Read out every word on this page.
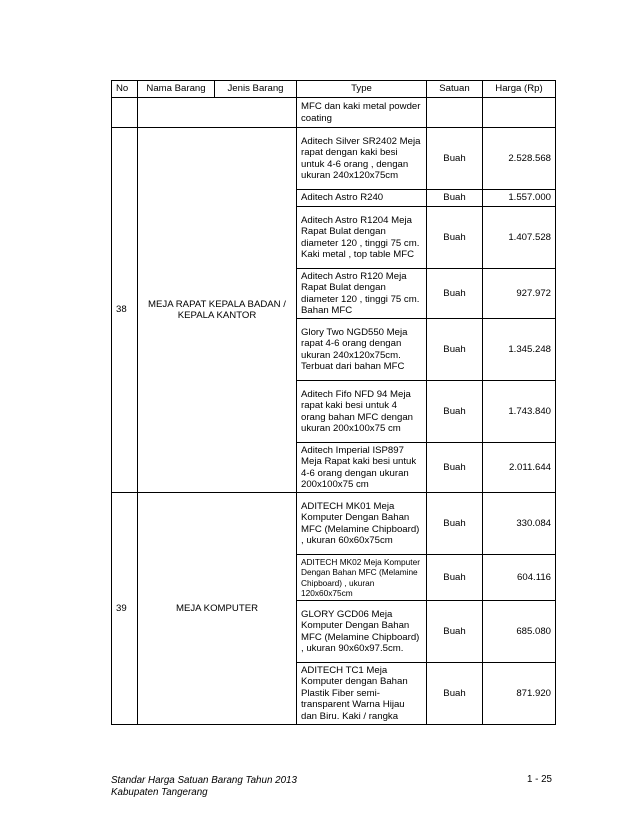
No	Nama Barang	Jenis Barang	Type	Satuan	Harga (Rp)
			MFC dan kaki metal powder coating		
38	MEJA RAPAT KEPALA BADAN / KEPALA KANTOR		Aditech Silver SR2402 Meja rapat dengan kaki besi untuk 4-6 orang , dengan ukuran 240x120x75cm	Buah	2.528.568
			Aditech Astro R240	Buah	1.557.000
			Aditech Astro R1204 Meja Rapat Bulat dengan diameter 120 , tinggi 75 cm. Kaki metal , top table MFC	Buah	1.407.528
			Aditech Astro R120 Meja Rapat Bulat dengan diameter 120 , tinggi 75 cm. Bahan MFC	Buah	927.972
			Glory Two NGD550 Meja rapat 4-6 orang dengan ukuran 240x120x75cm. Terbuat dari bahan MFC	Buah	1.345.248
			Aditech Fifo NFD 94 Meja rapat kaki besi untuk 4 orang bahan MFC dengan ukuran 200x100x75 cm	Buah	1.743.840
			Aditech Imperial ISP897 Meja Rapat kaki besi untuk 4-6 orang dengan ukuran 200x100x75 cm	Buah	2.011.644
39	MEJA KOMPUTER		ADITECH MK01 Meja Komputer Dengan Bahan MFC (Melamine Chipboard) , ukuran 60x60x75cm	Buah	330.084
			ADITECH MK02 Meja Komputer Dengan Bahan MFC (Melamine Chipboard) , ukuran 120x60x75cm	Buah	604.116
			GLORY GCD06 Meja Komputer Dengan Bahan MFC (Melamine Chipboard) , ukuran 90x60x97.5cm.	Buah	685.080
			ADITECH TC1 Meja Komputer dengan Bahan Plastik Fiber semi-transparent Warna Hijau dan Biru. Kaki / rangka	Buah	871.920
1 - 25
Standar Harga Satuan Barang Tahun 2013
Kabupaten Tangerang
